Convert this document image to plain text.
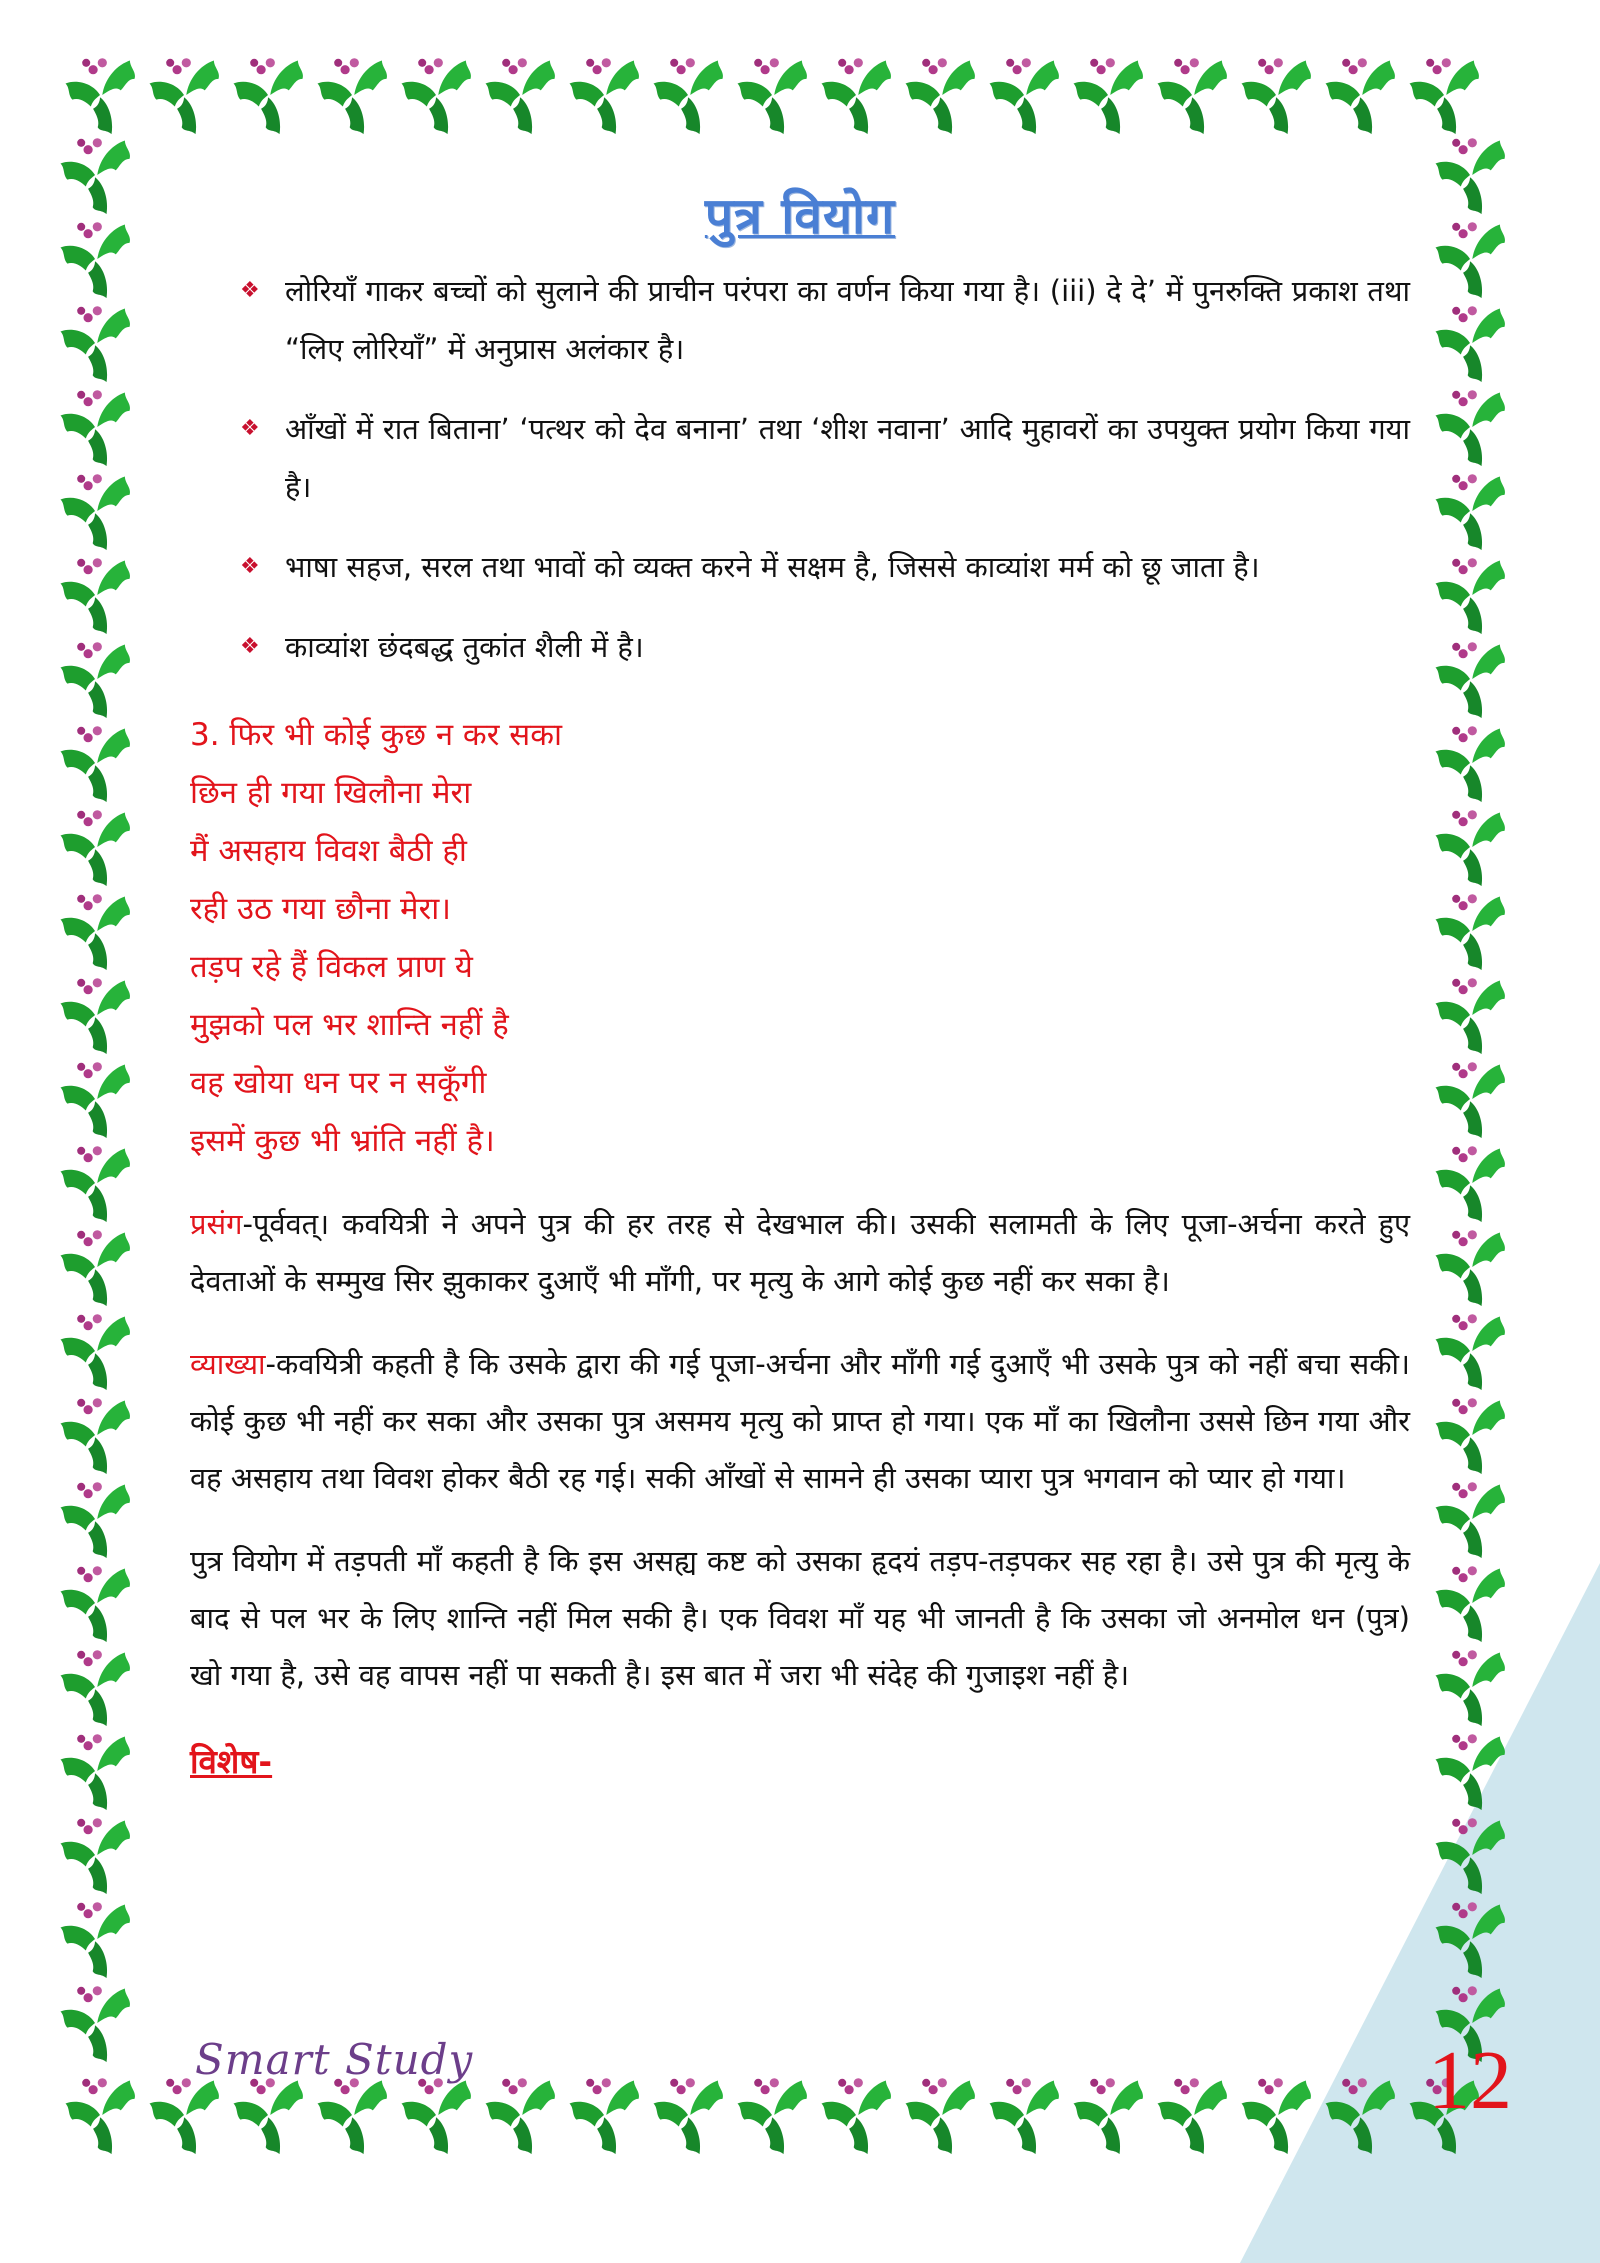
पुत्र वियोग
❖ लोरियाँ गाकर बच्चों को सुलाने की प्राचीन परंपरा का वर्णन किया गया है। (iii) दे दे’ में पुनरुक्ति प्रकाश तथा “लिए लोरियाँ” में अनुप्रास अलंकार है।
❖ आँखों में रात बिताना’ ‘पत्थर को देव बनाना’ तथा ‘शीश नवाना’ आदि मुहावरों का उपयुक्त प्रयोग किया गया है।
❖ भाषा सहज, सरल तथा भावों को व्यक्त करने में सक्षम है, जिससे काव्यांश मर्म को छू जाता है।
❖ काव्यांश छंदबद्ध तुकांत शैली में है।
3. फिर भी कोई कुछ न कर सका
छिन ही गया खिलौना मेरा
मैं असहाय विवश बैठी ही
रही उठ गया छौना मेरा।
तड़प रहे हैं विकल प्राण ये
मुझको पल भर शान्ति नहीं है
वह खोया धन पर न सकूँगी
इसमें कुछ भी भ्रांति नहीं है।

प्रसंग-पूर्ववत्। कवयित्री ने अपने पुत्र की हर तरह से देखभाल की। उसकी सलामती के लिए पूजा-अर्चना करते हुए देवताओं के सम्मुख सिर झुकाकर दुआएँ भी माँगी, पर मृत्यु के आगे कोई कुछ नहीं कर सका है।

व्याख्या-कवयित्री कहती है कि उसके द्वारा की गई पूजा-अर्चना और माँगी गई दुआएँ भी उसके पुत्र को नहीं बचा सकी। कोई कुछ भी नहीं कर सका और उसका पुत्र असमय मृत्यु को प्राप्त हो गया। एक माँ का खिलौना उससे छिन गया और वह असहाय तथा विवश होकर बैठी रह गई। सकी आँखों से सामने ही उसका प्यारा पुत्र भगवान को प्यार हो गया।

पुत्र वियोग में तड़पती माँ कहती है कि इस असह्य कष्ट को उसका हृदयं तड़प-तड़पकर सह रहा है। उसे पुत्र की मृत्यु के बाद से पल भर के लिए शान्ति नहीं मिल सकी है। एक विवश माँ यह भी जानती है कि उसका जो अनमोल धन (पुत्र) खो गया है, उसे वह वापस नहीं पा सकती है। इस बात में जरा भी संदेह की गुजाइश नहीं है।

विशेष-
Smart Study	12
